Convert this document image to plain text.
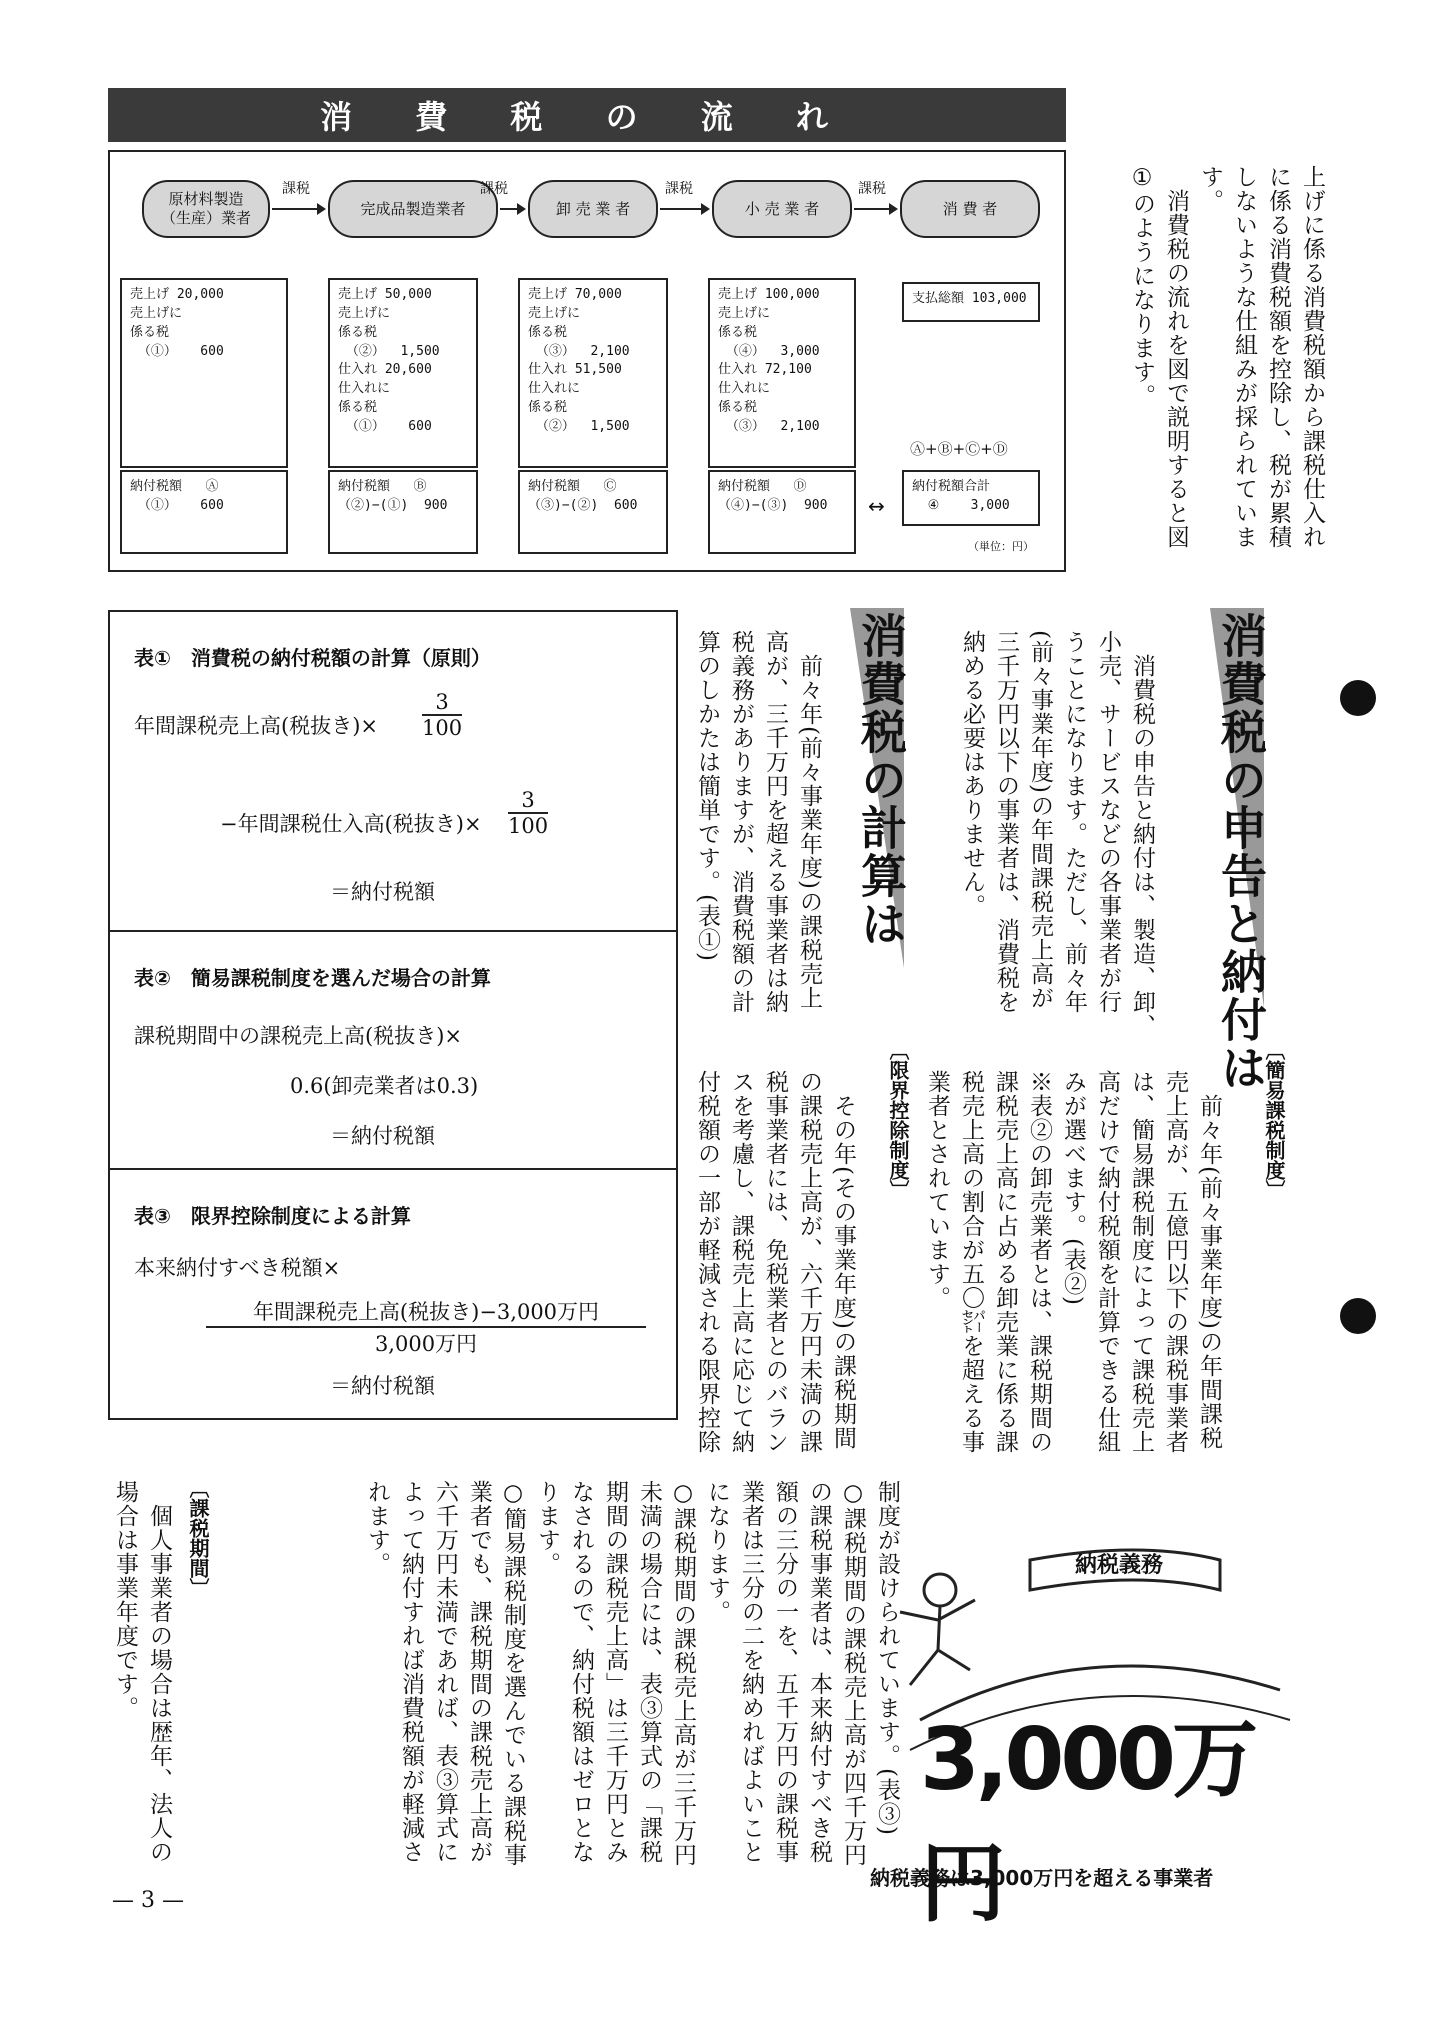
消 費 税 の 流 れ
原材料製造
（生産）業者
完成品製造業者	卸 売 業 者	小 売 業 者	消 費 者
課税	課税	課税	課税
売上げ 20,000
売上げに
係る税
（①）   600
納付税額   Ⓐ
（①）   600
売上げ 50,000
売上げに
係る税
（②）  1,500
仕入れ 20,600
仕入れに
係る税
（①）   600
納付税額   Ⓑ
（②)−(①)  900
売上げ 70,000
売上げに
係る税
（③）  2,100
仕入れ 51,500
仕入れに
係る税
（②）  1,500
納付税額   Ⓒ
（③)−(②)  600
売上げ 100,000
売上げに
係る税
（④）  3,000
仕入れ 72,100
仕入れに
係る税
（③）  2,100
納付税額   Ⓓ
（④)−(③)  900
支払総額 103,000
Ⓐ+Ⓑ+Ⓒ+Ⓓ
↔
納付税額合計
④    3,000
（単位：円）	上げに係る消費税額から課税仕入れ
に係る消費税額を控除し、税が累積
しないような仕組みが採られていま
す。
　消費税の流れを図で説明すると図
①のようになります。
消費税の申告と納付は
　消費税の申告と納付は、製造、卸、
小売、サービスなどの各事業者が行
うことになります。ただし、前々年
(前々事業年度)の年間課税売上高が
三千万円以下の事業者は、消費税を
納める必要はありません。
消費税の計算は
　前々年(前々事業年度)の課税売上
高が、三千万円を超える事業者は納
税義務がありますが、消費税額の計
算のしかたは簡単です。(表①)
〔簡易課税制度〕
　前々年(前々事業年度)の年間課税
売上高が、五億円以下の課税事業者
は、簡易課税制度によって課税売上
高だけで納付税額を計算できる仕組
みが選べます。(表②)
※表②の卸売業者とは、課税期間の
課税売上高に占める卸売業に係る課
税売上高の割合が五〇㌫を超える事
業者とされています。
〔限界控除制度〕
　その年(その事業年度)の課税期間
の課税売上高が、六千万円未満の課
税事業者には、免税業者とのバラン
スを考慮し、課税売上高に応じて納
付税額の一部が軽減される限界控除
表①　消費税の納付税額の計算（原則）
年間課税売上高(税抜き)× $\frac{3}{100}$
−年間課税仕入高(税抜き)× $\frac{3}{100}$
＝納付税額
表②　簡易課税制度を選んだ場合の計算
課税期間中の課税売上高(税抜き)×
0.6(卸売業者は0.3)
＝納付税額
表③　限界控除制度による計算
本来納付すべき税額×
年間課税売上高(税抜き)−3,000万円
3,000万円
＝納付税額
制度が設けられています。(表③)
○課税期間の課税売上高が四千万円
の課税事業者は、本来納付すべき税
額の三分の一を、五千万円の課税事
業者は三分の二を納めればよいこと
になります。
○課税期間の課税売上高が三千万円
未満の場合には、表③算式の「課税
期間の課税売上高」は三千万円とみ
なされるので、納付税額はゼロとな
ります。
○簡易課税制度を選んでいる課税事
業者でも、課税期間の課税売上高が
六千万円未満であれば、表③算式に
よって納付すれば消費税額が軽減さ
れます。
〔課税期間〕
　個人事業者の場合は歴年、法人の
場合は事業年度です。	納税義務
3,000万円
納税義務は3,000万円を超える事業者
— 3 —
